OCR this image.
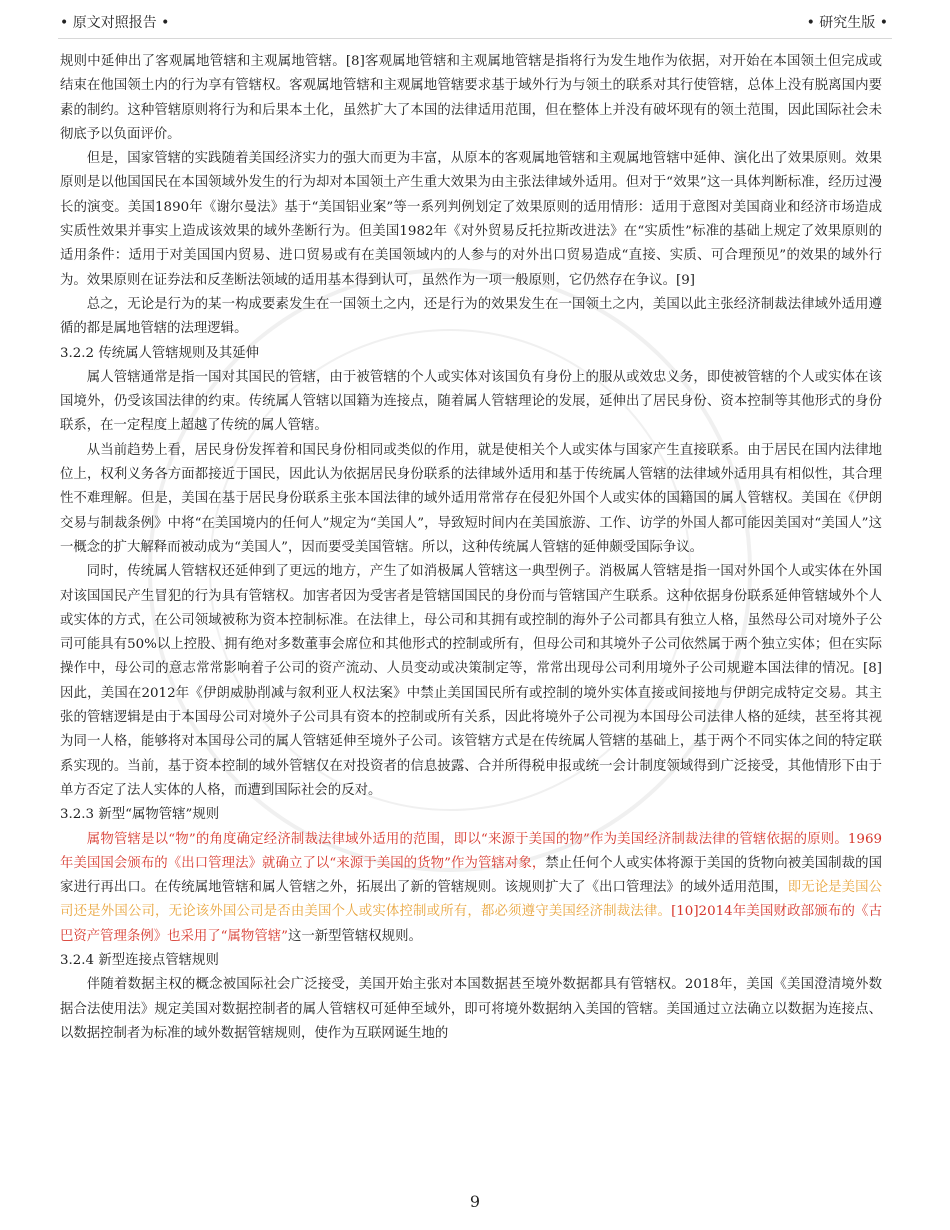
• 原文对照报告 •	• 研究生版 •

规则中延伸出了客观属地管辖和主观属地管辖。[8]客观属地管辖和主观属地管辖是指将行为发生地作为依据，对开始在本国领土但完成或结束在他国领土内的行为享有管辖权。客观属地管辖和主观属地管辖要求基于域外行为与领土的联系对其行使管辖，总体上没有脱离国内要素的制约。这种管辖原则将行为和后果本土化，虽然扩大了本国的法律适用范围，但在整体上并没有破坏现有的领土范围，因此国际社会未彻底予以负面评价。

但是，国家管辖的实践随着美国经济实力的强大而更为丰富，从原本的客观属地管辖和主观属地管辖中延伸、演化出了效果原则。效果原则是以他国国民在本国领域外发生的行为却对本国领土产生重大效果为由主张法律域外适用。但对于“效果”这一具体判断标准，经历过漫长的演变。美国1890年《谢尔曼法》基于“美国铝业案”等一系列判例划定了效果原则的适用情形：适用于意图对美国商业和经济市场造成实质性效果并事实上造成该效果的域外垄断行为。但美国1982年《对外贸易反托拉斯改进法》在“实质性”标准的基础上规定了效果原则的适用条件：适用于对美国国内贸易、进口贸易或有在美国领域内的人参与的对外出口贸易造成“直接、实质、可合理预见”的效果的域外行为。效果原则在证券法和反垄断法领域的适用基本得到认可，虽然作为一项一般原则，它仍然存在争议。[9]

总之，无论是行为的某一构成要素发生在一国领土之内，还是行为的效果发生在一国领土之内，美国以此主张经济制裁法律域外适用遵循的都是属地管辖的法理逻辑。

3.2.2 传统属人管辖规则及其延伸

属人管辖通常是指一国对其国民的管辖，由于被管辖的个人或实体对该国负有身份上的服从或效忠义务，即使被管辖的个人或实体在该国境外，仍受该国法律的约束。传统属人管辖以国籍为连接点，随着属人管辖理论的发展，延伸出了居民身份、资本控制等其他形式的身份联系，在一定程度上超越了传统的属人管辖。

从当前趋势上看，居民身份发挥着和国民身份相同或类似的作用，就是使相关个人或实体与国家产生直接联系。由于居民在国内法律地位上，权利义务各方面都接近于国民，因此认为依据居民身份联系的法律域外适用和基于传统属人管辖的法律域外适用具有相似性，其合理性不难理解。但是，美国在基于居民身份联系主张本国法律的域外适用常常存在侵犯外国个人或实体的国籍国的属人管辖权。美国在《伊朗交易与制裁条例》中将“在美国境内的任何人”规定为“美国人”，导致短时间内在美国旅游、工作、访学的外国人都可能因美国对“美国人”这一概念的扩大解释而被动成为“美国人”，因而要受美国管辖。所以，这种传统属人管辖的延伸颇受国际争议。

同时，传统属人管辖权还延伸到了更远的地方，产生了如消极属人管辖这一典型例子。消极属人管辖是指一国对外国个人或实体在外国对该国国民产生冒犯的行为具有管辖权。加害者因为受害者是管辖国国民的身份而与管辖国产生联系。这种依据身份联系延伸管辖域外个人或实体的方式，在公司领域被称为资本控制标准。在法律上，母公司和其拥有或控制的海外子公司都具有独立人格，虽然母公司对境外子公司可能具有50%以上控股、拥有绝对多数董事会席位和其他形式的控制或所有，但母公司和其境外子公司依然属于两个独立实体；但在实际操作中，母公司的意志常常影响着子公司的资产流动、人员变动或决策制定等，常常出现母公司利用境外子公司规避本国法律的情况。[8]因此，美国在2012年《伊朗威胁削减与叙利亚人权法案》中禁止美国国民所有或控制的境外实体直接或间接地与伊朗完成特定交易。其主张的管辖逻辑是由于本国母公司对境外子公司具有资本的控制或所有关系，因此将境外子公司视为本国母公司法律人格的延续，甚至将其视为同一人格，能够将对本国母公司的属人管辖延伸至境外子公司。该管辖方式是在传统属人管辖的基础上，基于两个不同实体之间的特定联系实现的。当前，基于资本控制的域外管辖仅在对投资者的信息披露、合并所得税申报或统一会计制度领域得到广泛接受，其他情形下由于单方否定了法人实体的人格，而遭到国际社会的反对。

3.2.3 新型“属物管辖”规则

属物管辖是以“物”的角度确定经济制裁法律域外适用的范围，即以“来源于美国的物”作为美国经济制裁法律的管辖依据的原则。1969年美国国会颁布的《出口管理法》就确立了以“来源于美国的货物”作为管辖对象，禁止任何个人或实体将源于美国的货物向被美国制裁的国家进行再出口。在传统属地管辖和属人管辖之外，拓展出了新的管辖规则。该规则扩大了《出口管理法》的域外适用范围，即无论是美国公司还是外国公司，无论该外国公司是否由美国个人或实体控制或所有，都必须遵守美国经济制裁法律。[10]2014年美国财政部颁布的《古巴资产管理条例》也采用了“属物管辖”这一新型管辖权规则。

3.2.4 新型连接点管辖规则

伴随着数据主权的概念被国际社会广泛接受，美国开始主张对本国数据甚至境外数据都具有管辖权。2018年，美国《美国澄清境外数据合法使用法》规定美国对数据控制者的属人管辖权可延伸至域外，即可将境外数据纳入美国的管辖。美国通过立法确立以数据为连接点、以数据控制者为标准的域外数据管辖规则，使作为互联网诞生地的

9
